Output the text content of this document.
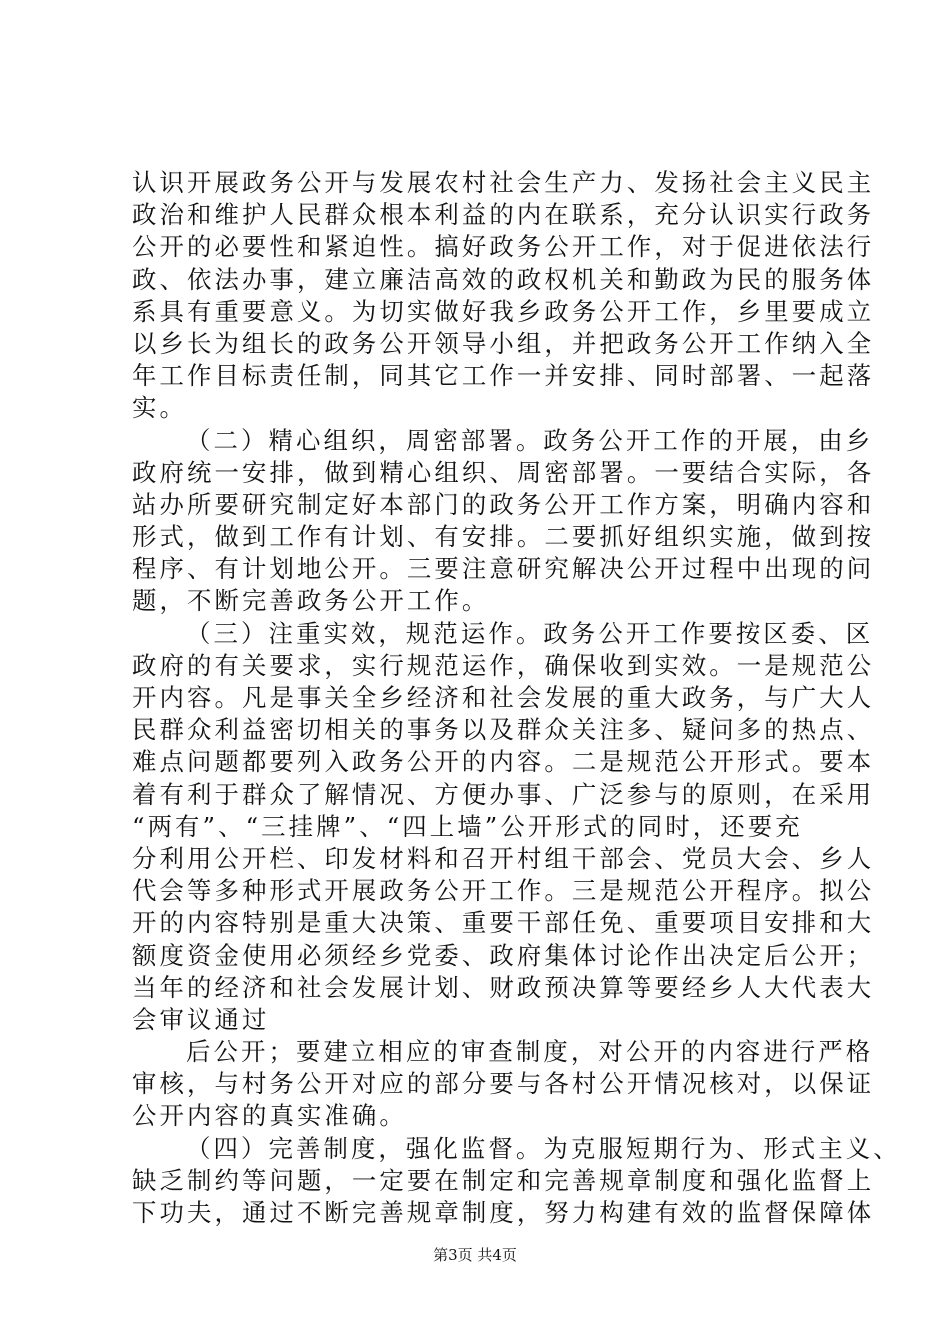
认识开展政务公开与发展农村社会生产力、发扬社会主义民主
政治和维护人民群众根本利益的内在联系，充分认识实行政务
公开的必要性和紧迫性。搞好政务公开工作，对于促进依法行
政、依法办事，建立廉洁高效的政权机关和勤政为民的服务体
系具有重要意义。为切实做好我乡政务公开工作，乡里要成立
以乡长为组长的政务公开领导小组，并把政务公开工作纳入全
年工作目标责任制，同其它工作一并安排、同时部署、一起落
实。
（二）精心组织，周密部署。政务公开工作的开展，由乡
政府统一安排，做到精心组织、周密部署。一要结合实际，各
站办所要研究制定好本部门的政务公开工作方案，明确内容和
形式，做到工作有计划、有安排。二要抓好组织实施，做到按
程序、有计划地公开。三要注意研究解决公开过程中出现的问
题，不断完善政务公开工作。
（三）注重实效，规范运作。政务公开工作要按区委、区
政府的有关要求，实行规范运作，确保收到实效。一是规范公
开内容。凡是事关全乡经济和社会发展的重大政务，与广大人
民群众利益密切相关的事务以及群众关注多、疑问多的热点、
难点问题都要列入政务公开的内容。二是规范公开形式。要本
着有利于群众了解情况、方便办事、广泛参与的原则，在采用
“两有”、“三挂牌”、“四上墙”公开形式的同时，还要充
分利用公开栏、印发材料和召开村组干部会、党员大会、乡人
代会等多种形式开展政务公开工作。三是规范公开程序。拟公
开的内容特别是重大决策、重要干部任免、重要项目安排和大
额度资金使用必须经乡党委、政府集体讨论作出决定后公开；
当年的经济和社会发展计划、财政预决算等要经乡人大代表大
会审议通过
后公开；要建立相应的审查制度，对公开的内容进行严格
审核，与村务公开对应的部分要与各村公开情况核对，以保证
公开内容的真实准确。
（四）完善制度，强化监督。为克服短期行为、形式主义、
缺乏制约等问题，一定要在制定和完善规章制度和强化监督上
下功夫，通过不断完善规章制度，努力构建有效的监督保障体
第3页 共4页
